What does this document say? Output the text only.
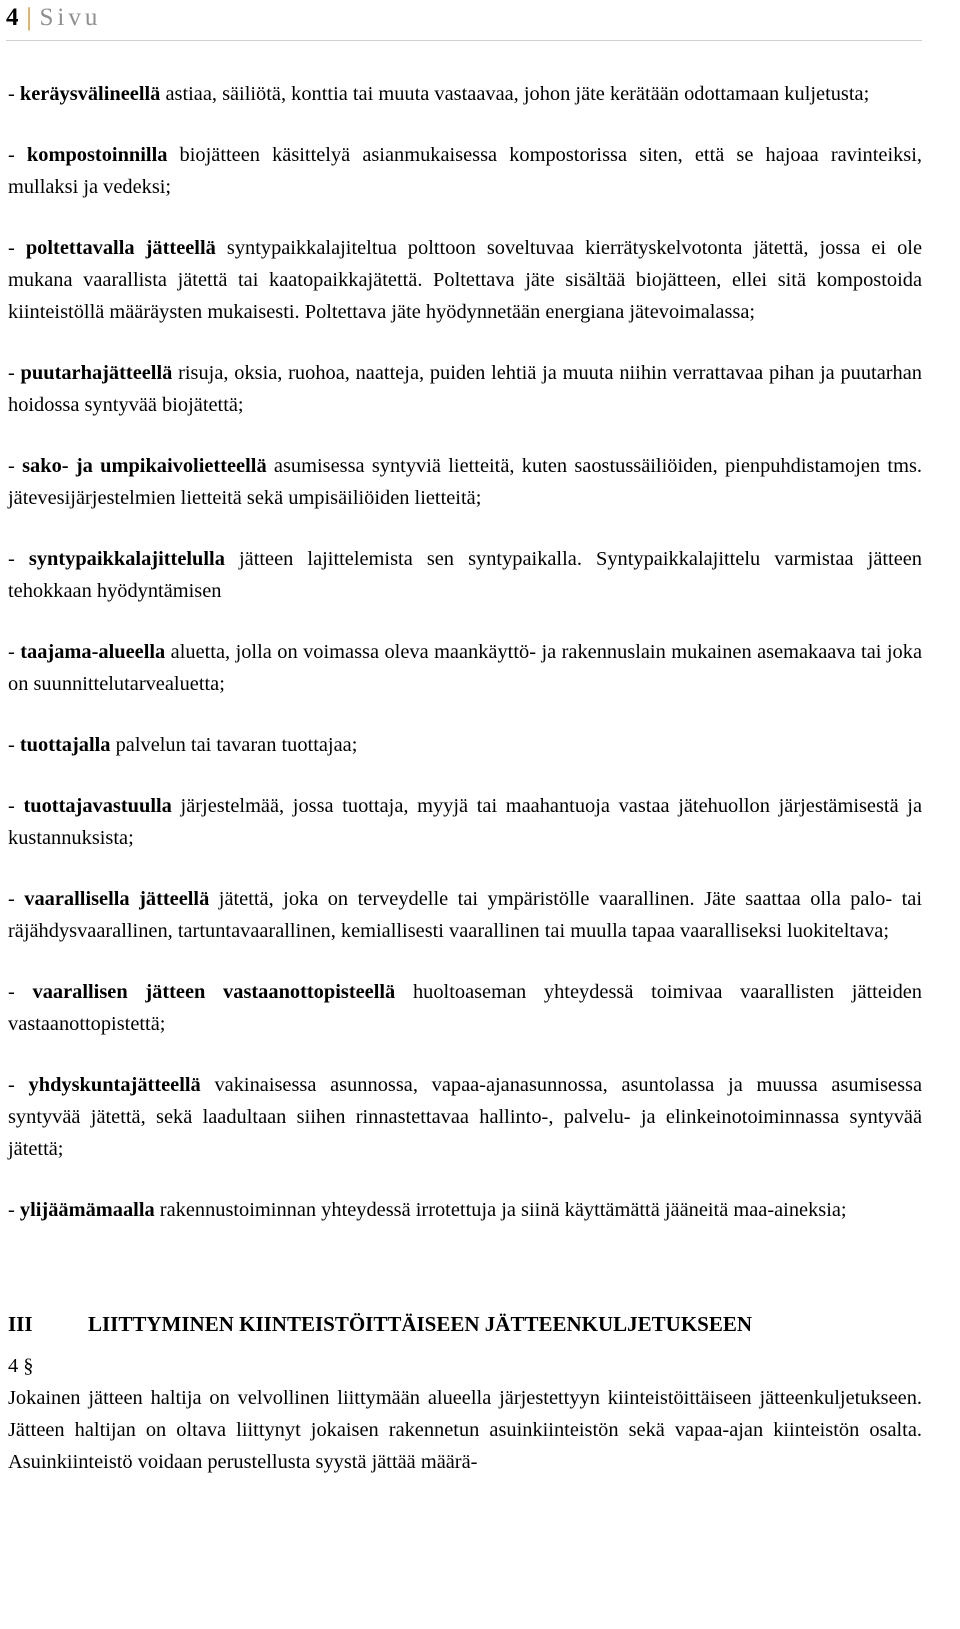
4 | Sivu

- keräysvälineellä astiaa, säiliötä, konttia tai muuta vastaavaa, johon jäte kerätään odottamaan kuljetusta;

- kompostoinnilla biojätteen käsittelyä asianmukaisessa kompostorissa siten, että se hajoaa ravinteiksi, mullaksi ja vedeksi;

- poltettavalla jätteellä syntypaikkalajiteltua polttoon soveltuvaa kierrätyskelvotonta jätettä, jossa ei ole mukana vaarallista jätettä tai kaatopaikkajätettä. Poltettava jäte sisältää biojätteen, ellei sitä kompostoida kiinteistöllä määräysten mukaisesti. Poltettava jäte hyödynnetään energiana jätevoimalassa;

- puutarhajätteellä risuja, oksia, ruohoa, naatteja, puiden lehtiä ja muuta niihin verrattavaa pihan ja puutarhan hoidossa syntyvää biojätettä;

- sako- ja umpikaivolietteellä asumisessa syntyviä lietteitä, kuten saostussäiliöiden, pienpuhdistamojen tms. jätevesijärjestelmien lietteitä sekä umpisäiliöiden lietteitä;

- syntypaikkalajittelulla jätteen lajittelemista sen syntypaikalla. Syntypaikkalajittelu varmistaa jätteen tehokkaan hyödyntämisen

- taajama-alueella aluetta, jolla on voimassa oleva maankäyttö- ja rakennuslain mukainen asemakaava tai joka on suunnittelutarvealuetta;

- tuottajalla palvelun tai tavaran tuottajaa;

- tuottajavastuulla järjestelmää, jossa tuottaja, myyjä tai maahantuoja vastaa jätehuollon järjestämisestä ja kustannuksista;

- vaarallisella jätteellä jätettä, joka on terveydelle tai ympäristölle vaarallinen. Jäte saattaa olla palo- tai räjähdysvaarallinen, tartuntavaarallinen, kemiallisesti vaarallinen tai muulla tapaa vaaralliseksi luokiteltava;

- vaarallisen jätteen vastaanottopisteellä huoltoaseman yhteydessä toimivaa vaarallisten jätteiden vastaanottopistettä;

- yhdyskuntajätteellä vakinaisessa asunnossa, vapaa-ajanasunnossa, asuntolassa ja muussa asumisessa syntyvää jätettä, sekä laadultaan siihen rinnastettavaa hallinto-, palvelu- ja elinkeinotoiminnassa syntyvää jätettä;

- ylijäämämaalla rakennustoiminnan yhteydessä irrotettuja ja siinä käyttämättä jääneitä maa-aineksia;

III	LIITTYMINEN KIINTEISTÖITTÄISEEN JÄTTEENKULJETUKSEEN
4 §

Jokainen jätteen haltija on velvollinen liittymään alueella järjestettyyn kiinteistöittäiseen jätteenkuljetukseen. Jätteen haltijan on oltava liittynyt jokaisen rakennetun asuinkiinteistön sekä vapaa-ajan kiinteistön osalta. Asuinkiinteistö voidaan perustellusta syystä jättää määrä-
